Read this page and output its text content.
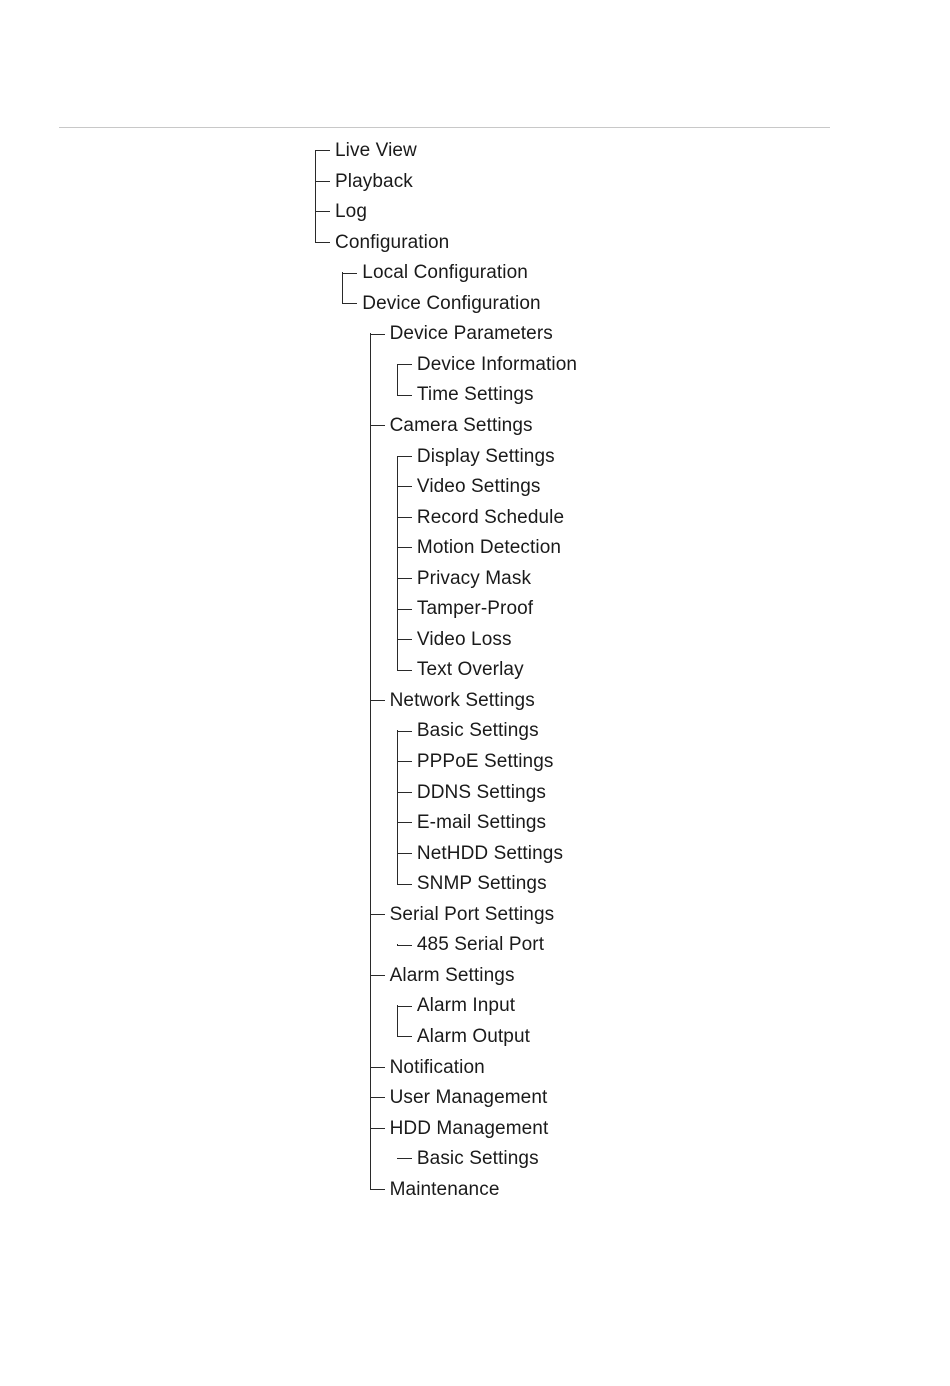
Live View
Playback
Log
Configuration
Local Configuration
Device Configuration
Device Parameters
Device Information
Time Settings
Camera Settings
Display Settings
Video Settings
Record Schedule
Motion Detection
Privacy Mask
Tamper-Proof
Video Loss
Text Overlay
Network Settings
Basic Settings
PPPoE Settings
DDNS Settings
E-mail Settings
NetHDD Settings
SNMP Settings
Serial Port Settings
485 Serial Port
Alarm Settings
Alarm Input
Alarm Output
Notification
User Management
HDD Management
Basic Settings
Maintenance
